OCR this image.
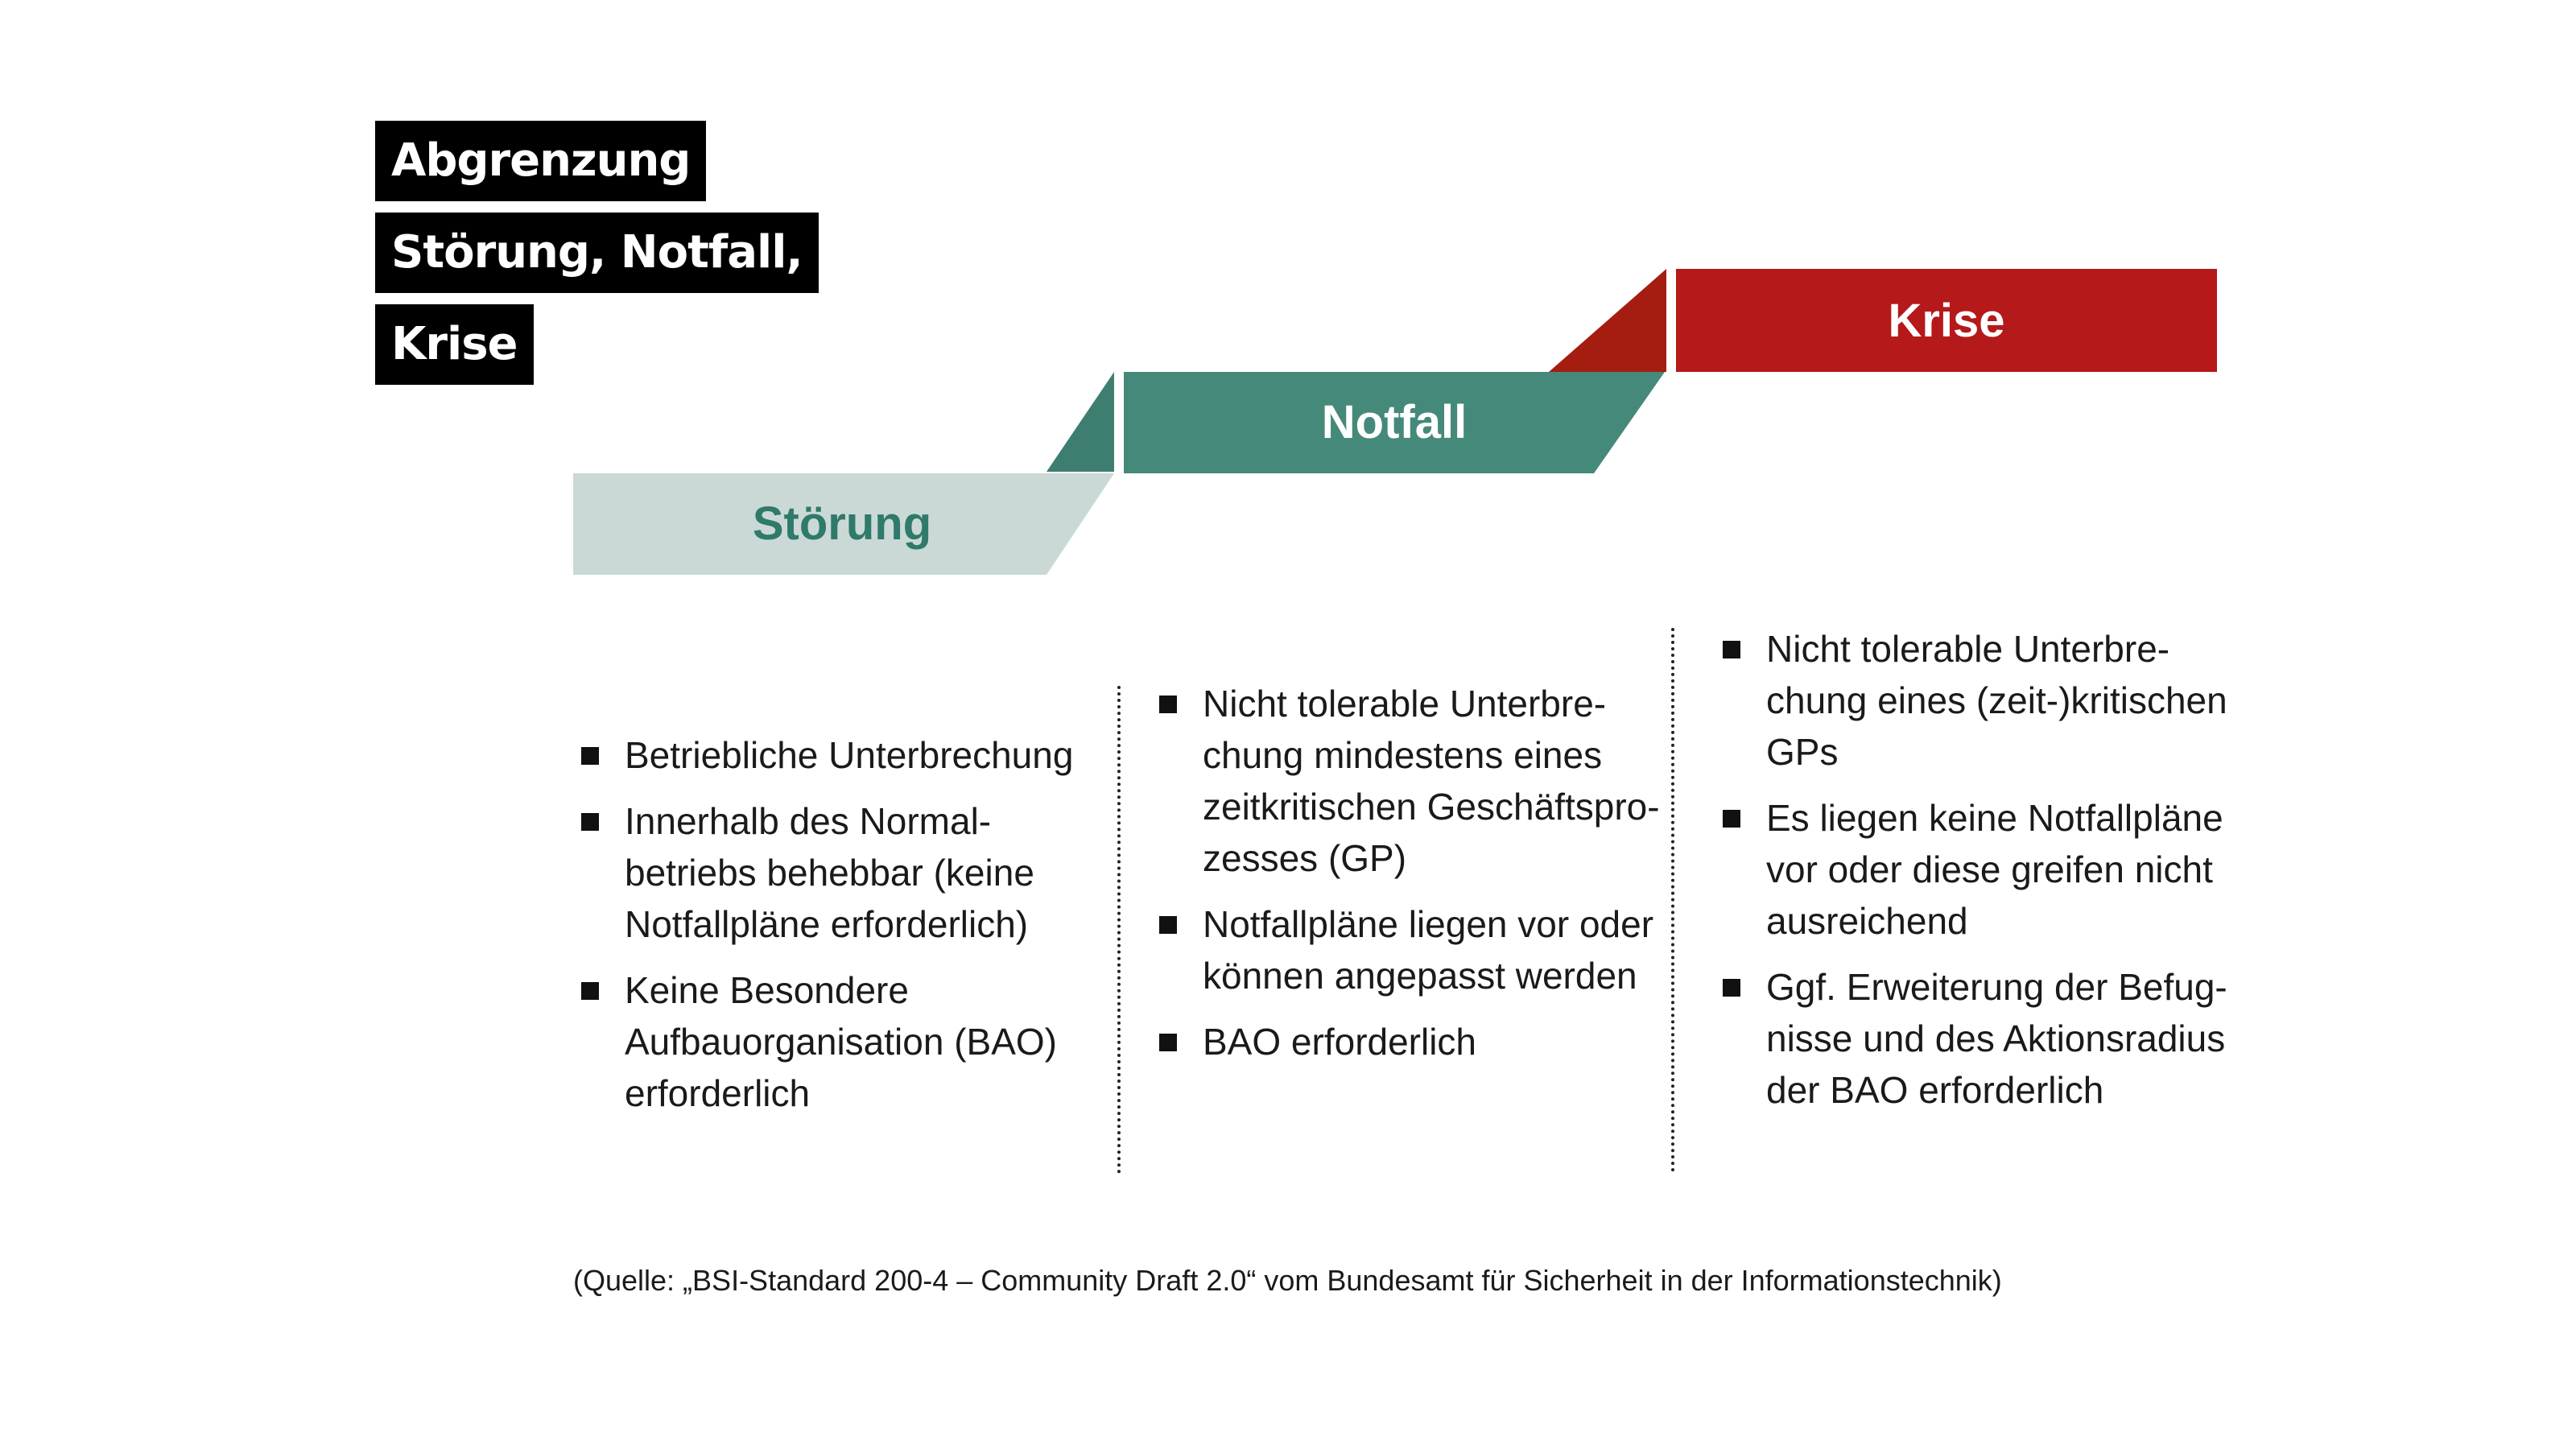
Abgrenzung
Störung, Notfall,
Krise
Störung
Notfall
Krise
Betriebliche Unterbrechung
Innerhalb des Normal-
betriebs behebbar (keine
Notfallpläne erforderlich)
Keine Besondere
Aufbauorganisation (BAO)
erforderlich
Nicht tolerable Unterbre-
chung mindestens eines
zeitkritischen Geschäftspro-
zesses (GP)
Notfallpläne liegen vor oder
können angepasst werden
BAO erforderlich
Nicht tolerable Unterbre-
chung eines (zeit-)kritischen
GPs
Es liegen keine Notfallpläne
vor oder diese greifen nicht
ausreichend
Ggf. Erweiterung der Befug-
nisse und des Aktionsradius
der BAO erforderlich
(Quelle: „BSI-Standard 200-4 – Community Draft 2.0“ vom Bundesamt für Sicherheit in der Informationstechnik)
